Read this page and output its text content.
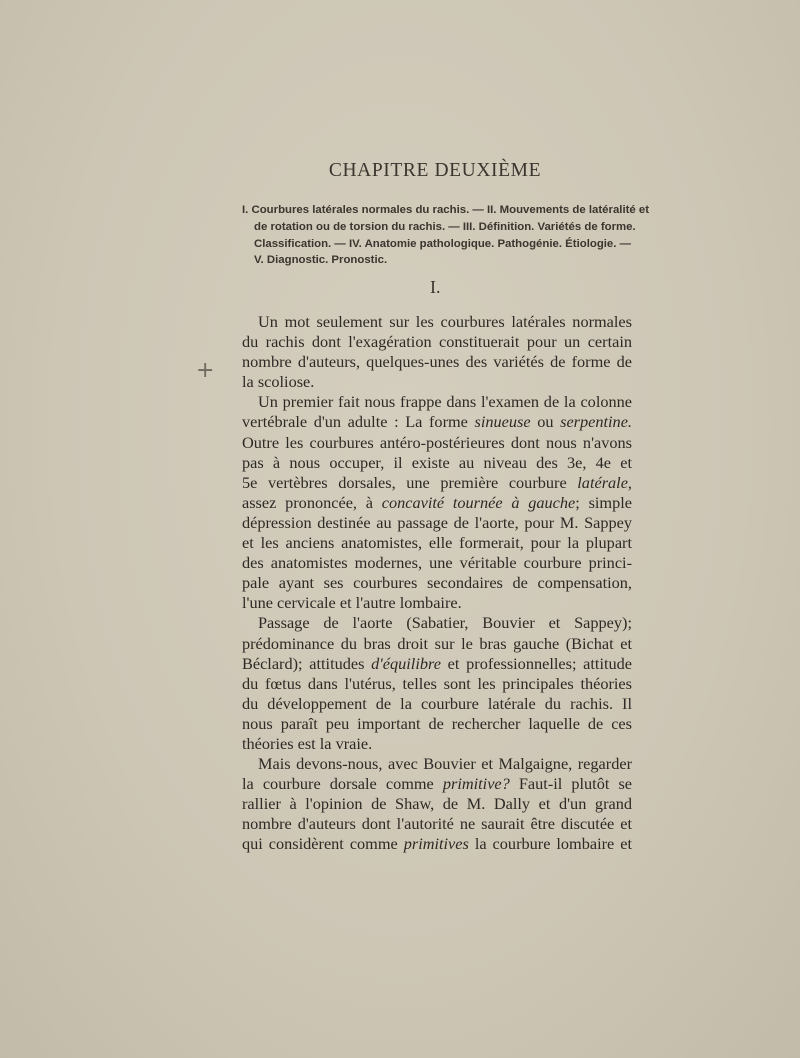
CHAPITRE DEUXIÈME
I. Courbures latérales normales du rachis. — II. Mouvements de latéralité et
de rotation ou de torsion du rachis. — III. Définition. Variétés de forme.
Classification. — IV. Anatomie pathologique. Pathogénie. Étiologie. —
V. Diagnostic. Pronostic.
I.
+
Un mot seulement sur les courbures latérales normales
du rachis dont l'exagération constituerait pour un certain
nombre d'auteurs, quelques-unes des variétés de forme de
la scoliose.
Un premier fait nous frappe dans l'examen de la colonne
vertébrale d'un adulte : La forme sinueuse ou serpentine.
Outre les courbures antéro-postérieures dont nous n'avons
pas à nous occuper, il existe au niveau des 3e, 4e et
5e vertèbres dorsales, une première courbure latérale,
assez prononcée, à concavité tournée à gauche; simple
dépression destinée au passage de l'aorte, pour M. Sappey
et les anciens anatomistes, elle formerait, pour la plupart
des anatomistes modernes, une véritable courbure princi-
pale ayant ses courbures secondaires de compensation,
l'une cervicale et l'autre lombaire.
Passage de l'aorte (Sabatier, Bouvier et Sappey);
prédominance du bras droit sur le bras gauche (Bichat et
Béclard); attitudes d'équilibre et professionnelles; attitude
du fœtus dans l'utérus, telles sont les principales théories
du développement de la courbure latérale du rachis. Il
nous paraît peu important de rechercher laquelle de ces
théories est la vraie.
Mais devons-nous, avec Bouvier et Malgaigne, regarder
la courbure dorsale comme primitive? Faut-il plutôt se
rallier à l'opinion de Shaw, de M. Dally et d'un grand
nombre d'auteurs dont l'autorité ne saurait être discutée et
qui considèrent comme primitives la courbure lombaire et
